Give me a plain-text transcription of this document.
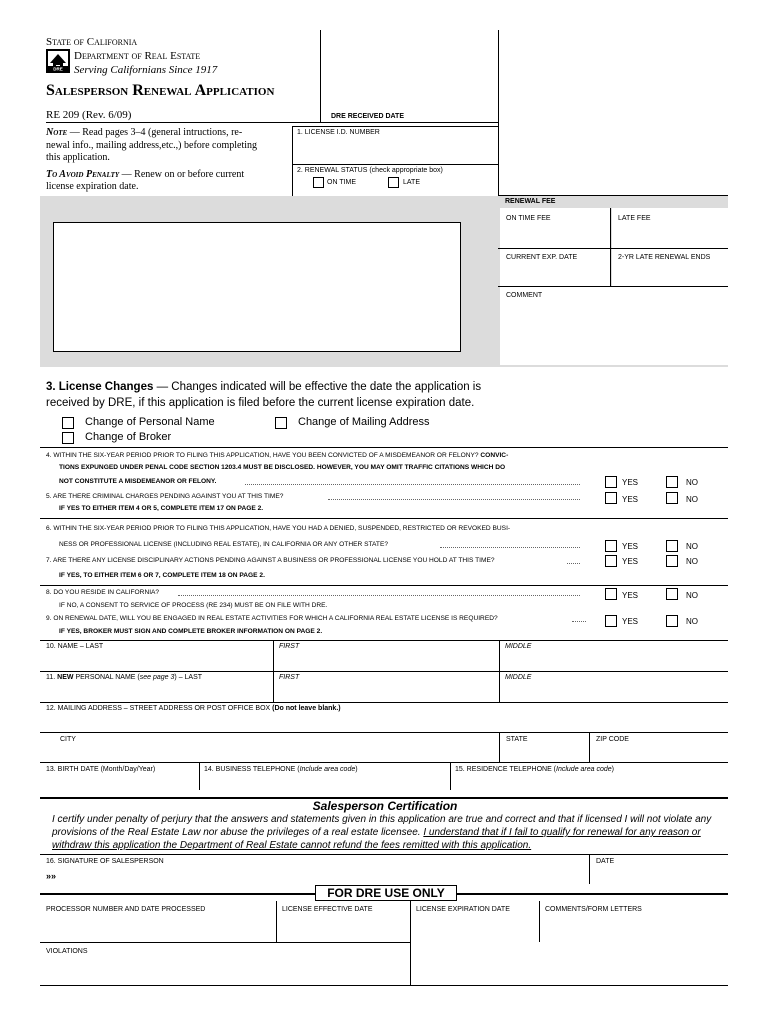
State of California
DRE
Department of Real Estate
Serving Californians Since 1917
Salesperson Renewal Application
RE 209 (Rev. 6/09)
Note — Read pages 3–4 (general intructions, re-
newal info., mailing address,etc.,) before completing
this application.
To Avoid Penalty — Renew on or before current
license expiration date.
DRE RECEIVED DATE
1. LICENSE I.D. NUMBER
2. RENEWAL STATUS (check appropriate box)
ON TIME	LATE
RENEWAL FEE
ON TIME FEE	LATE FEE
CURRENT EXP. DATE	2-YR LATE RENEWAL ENDS
COMMENT
3. License Changes — Changes indicated will be effective the date the application is
received by DRE, if this application is filed before the current license expiration date.
Change of Personal Name	Change of Mailing Address
Change of Broker
4. WITHIN THE SIX-YEAR PERIOD PRIOR TO FILING THIS APPLICATION, HAVE YOU BEEN CONVICTED OF A MISDEMEANOR OR FELONY? CONVIC-
TIONS EXPUNGED UNDER PENAL CODE SECTION 1203.4 MUST BE DISCLOSED. HOWEVER, YOU MAY OMIT TRAFFIC CITATIONS WHICH DO
NOT CONSTITUTE A MISDEMEANOR OR FELONY.	YES	NO
5. ARE THERE CRIMINAL CHARGES PENDING AGAINST YOU AT THIS TIME?	YES	NO
IF YES TO EITHER ITEM 4 OR 5, COMPLETE ITEM 17 ON PAGE 2.
6. WITHIN THE SIX-YEAR PERIOD PRIOR TO FILING THIS APPLICATION, HAVE YOU HAD A DENIED, SUSPENDED, RESTRICTED OR REVOKED BUSI-
NESS OR PROFESSIONAL LICENSE (INCLUDING REAL ESTATE), IN CALIFORNIA OR ANY OTHER STATE?	YES	NO
7. ARE THERE ANY LICENSE DISCIPLINARY ACTIONS PENDING AGAINST A BUSINESS OR PROFESSIONAL LICENSE YOU HOLD AT THIS TIME?	YES	NO
IF YES, TO EITHER ITEM 6 OR 7, COMPLETE ITEM 18 ON PAGE 2.
8. DO YOU RESIDE IN CALIFORNIA?	YES	NO
IF NO, A CONSENT TO SERVICE OF PROCESS (RE 234) MUST BE ON FILE WITH DRE.
9. ON RENEWAL DATE, WILL YOU BE ENGAGED IN REAL ESTATE ACTIVITIES FOR WHICH A CALIFORNIA REAL ESTATE LICENSE IS REQUIRED?	YES	NO
IF YES, BROKER MUST SIGN AND COMPLETE BROKER INFORMATION ON PAGE 2.
10. NAME – LAST	FIRST	MIDDLE
11. NEW PERSONAL NAME (see page 3) – LAST	FIRST	MIDDLE
12. MAILING ADDRESS – STREET ADDRESS OR POST OFFICE BOX (Do not leave blank.)
CITY	STATE	ZIP CODE
13. BIRTH DATE (Month/Day/Year)	14. BUSINESS TELEPHONE (Include area code)	15. RESIDENCE TELEPHONE (Include area code)
Salesperson Certification
I certify under penalty of perjury that the answers and statements given in this application are true and correct and that if licensed I will not violate any
provisions of the Real Estate Law nor abuse the privileges of a real estate licensee. I understand that if I fail to qualify for renewal for any reason or
withdraw this application the Department of Real Estate cannot refund the fees remitted with this application.
16. SIGNATURE OF SALESPERSON	DATE
»»
FOR DRE USE ONLY
PROCESSOR NUMBER AND DATE PROCESSED	LICENSE EFFECTIVE DATE	LICENSE EXPIRATION DATE	COMMENTS/FORM LETTERS
VIOLATIONS
